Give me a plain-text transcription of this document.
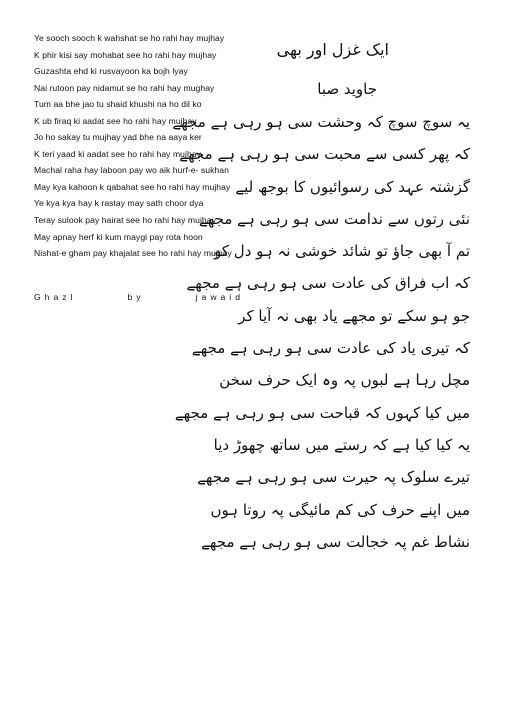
Ye sooch sooch k wahshat se ho rahi hay mujhay
K phir kisi say mohabat see ho rahi hay mujhay
Guzashta ehd ki rusvayoon ka bojh lyay
Nai rutoon pay nidamut se ho rahi hay mughay
Tum aa bhe jao tu shaid khushi na ho dil ko
K ub firaq ki aadat see ho rahi hay mujhay
Jo ho sakay tu mujhay yad bhe na aaya ker
K teri yaad ki aadat see ho rahi hay mujhay
Machal raha hay laboon pay wo aik hurf-e- sukhan
May kya kahoon k qabahat see ho rahi hay mujhay
Ye kya kya hay k rastay may sath choor dya
Teray sulook pay hairat see ho rahi hay mujhay
May apnay herf ki kum maygi pay rota hoon
Nishat-e gham pay khajalat see ho rahi hay mujhay
Ghazl	by	jawaid
ایک غزل اور بھی
جاوید صبا
یہ سوچ سوچ کہ وحشت سی ہو رہی ہے مجھے
کہ پھر کسی سے محبت سی ہو رہی ہے مجھے
گزشتہ عہد کی رسوائیوں کا بوجھ لیے
نئی رتوں سے ندامت سی ہو رہی ہے مجھے
تم آ بھی جاؤ تو شائد خوشی نہ ہو دل کو
کہ اب فراق کی عادت سی ہو رہی ہے مجھے
جو ہو سکے تو مجھے یاد بھی نہ آیا کر
کہ تیری یاد کی عادت سی ہو رہی ہے مجھے
مچل رہا ہے لبوں پہ وہ ایک حرف سخن
میں کیا کہوں کہ قباحت سی ہو رہی ہے مجھے
یہ کیا کیا ہے کہ رستے میں ساتھ چھوڑ دیا
تیرے سلوک پہ حیرت سی ہو رہی ہے مجھے
میں اپنے حرف کی کم مائیگی پہ روتا ہوں
نشاط غم پہ خجالت سی ہو رہی ہے مجھے
